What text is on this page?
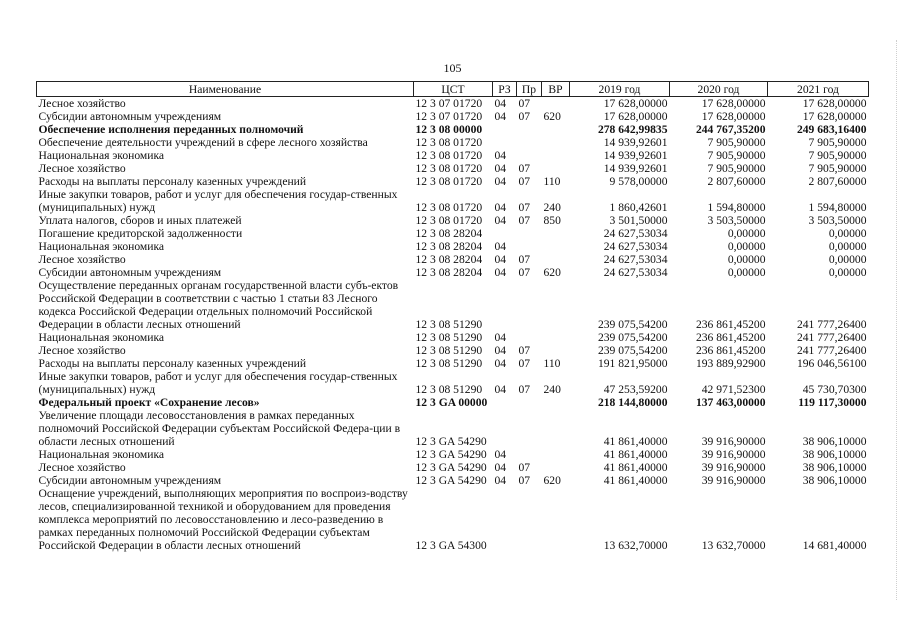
105
Наименование	ЦСТ	РЗ	Пр	ВР	2019 год	2020 год	2021 год
Лесное хозяйство	12 3 07 01720	04	07		17 628,00000	17 628,00000	17 628,00000
Субсидии автономным учреждениям	12 3 07 01720	04	07	620	17 628,00000	17 628,00000	17 628,00000
Обеспечение исполнения переданных полномочий	12 3 08 00000				278 642,99835	244 767,35200	249 683,16400
Обеспечение деятельности учреждений в сфере лесного хозяйства	12 3 08 01720				14 939,92601	7 905,90000	7 905,90000
Национальная экономика	12 3 08 01720	04			14 939,92601	7 905,90000	7 905,90000
Лесное хозяйство	12 3 08 01720	04	07		14 939,92601	7 905,90000	7 905,90000
Расходы на выплаты персоналу казенных учреждений	12 3 08 01720	04	07	110	9 578,00000	2 807,60000	2 807,60000
Иные закупки товаров, работ и услуг для обеспечения государ-ственных (муниципальных) нужд	12 3 08 01720	04	07	240	1 860,42601	1 594,80000	1 594,80000
Уплата налогов, сборов и иных платежей	12 3 08 01720	04	07	850	3 501,50000	3 503,50000	3 503,50000
Погашение кредиторской задолженности	12 3 08 28204				24 627,53034	0,00000	0,00000
Национальная экономика	12 3 08 28204	04			24 627,53034	0,00000	0,00000
Лесное хозяйство	12 3 08 28204	04	07		24 627,53034	0,00000	0,00000
Субсидии автономным учреждениям	12 3 08 28204	04	07	620	24 627,53034	0,00000	0,00000
Осуществление переданных органам государственной власти субъ-ектов Российской Федерации в соответствии с частью 1 статьи 83 Лесного кодекса Российской Федерации отдельных полномочий Российской Федерации в области лесных отношений	12 3 08 51290				239 075,54200	236 861,45200	241 777,26400
Национальная экономика	12 3 08 51290	04			239 075,54200	236 861,45200	241 777,26400
Лесное хозяйство	12 3 08 51290	04	07		239 075,54200	236 861,45200	241 777,26400
Расходы на выплаты персоналу казенных учреждений	12 3 08 51290	04	07	110	191 821,95000	193 889,92900	196 046,56100
Иные закупки товаров, работ и услуг для обеспечения государ-ственных (муниципальных) нужд	12 3 08 51290	04	07	240	47 253,59200	42 971,52300	45 730,70300
Федеральный проект «Сохранение лесов»	12 3 GA 00000				218 144,80000	137 463,00000	119 117,30000
Увеличение площади лесовосстановления в рамках переданных полномочий Российской Федерации субъектам Российской Федера-ции в области лесных отношений	12 3 GA 54290				41 861,40000	39 916,90000	38 906,10000
Национальная экономика	12 3 GA 54290	04			41 861,40000	39 916,90000	38 906,10000
Лесное хозяйство	12 3 GA 54290	04	07		41 861,40000	39 916,90000	38 906,10000
Субсидии автономным учреждениям	12 3 GA 54290	04	07	620	41 861,40000	39 916,90000	38 906,10000
Оснащение учреждений, выполняющих мероприятия по воспроиз-водству лесов, специализированной техникой и оборудованием для проведения комплекса мероприятий по лесовосстановлению и лесо-разведению в рамках переданных полномочий Российской Федерации субъектам Российской Федерации в области лесных отношений	12 3 GA 54300				13 632,70000	13 632,70000	14 681,40000
